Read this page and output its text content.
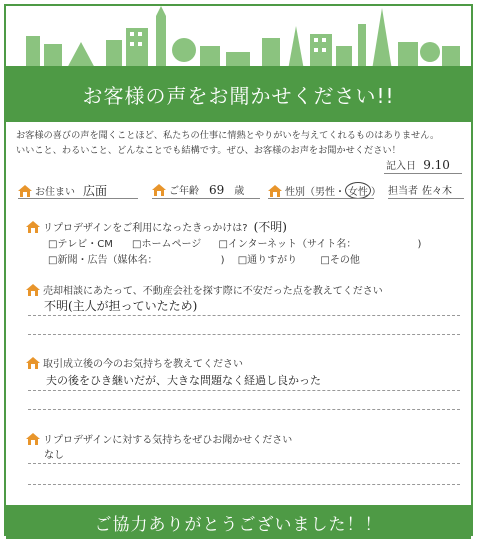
お客様の声をお聞かせください!!
お客様の喜びの声を聞くことほど、私たちの仕事に情熱とやりがいを与えてくれるものはありません。
いいこと、わるいこと、どんなことでも結構です。ぜひ、お客様のお声をお聞かせください！
記入日 9.10
お住まい 広面	ご年齢 69 歳	性別（男性・ 女性 ） 担当者 佐々木
リプロデザインをご利用になったきっかけは? (不明)
□テレビ・CM □ホームページ □インターネット（サイト名：	)
□新聞・広告（媒体名：	) □通りすがり □その他
売却相談にあたって、不動産会社を探す際に不安だった点を教えてください
不明(主人が担っていたため)
取引成立後の今のお気持ちを教えてください
夫の後をひき継いだが、大きな問題なく経過し良かった
リプロデザインに対する気持ちをぜひお聞かせください
なし
ご協力ありがとうございました！！
